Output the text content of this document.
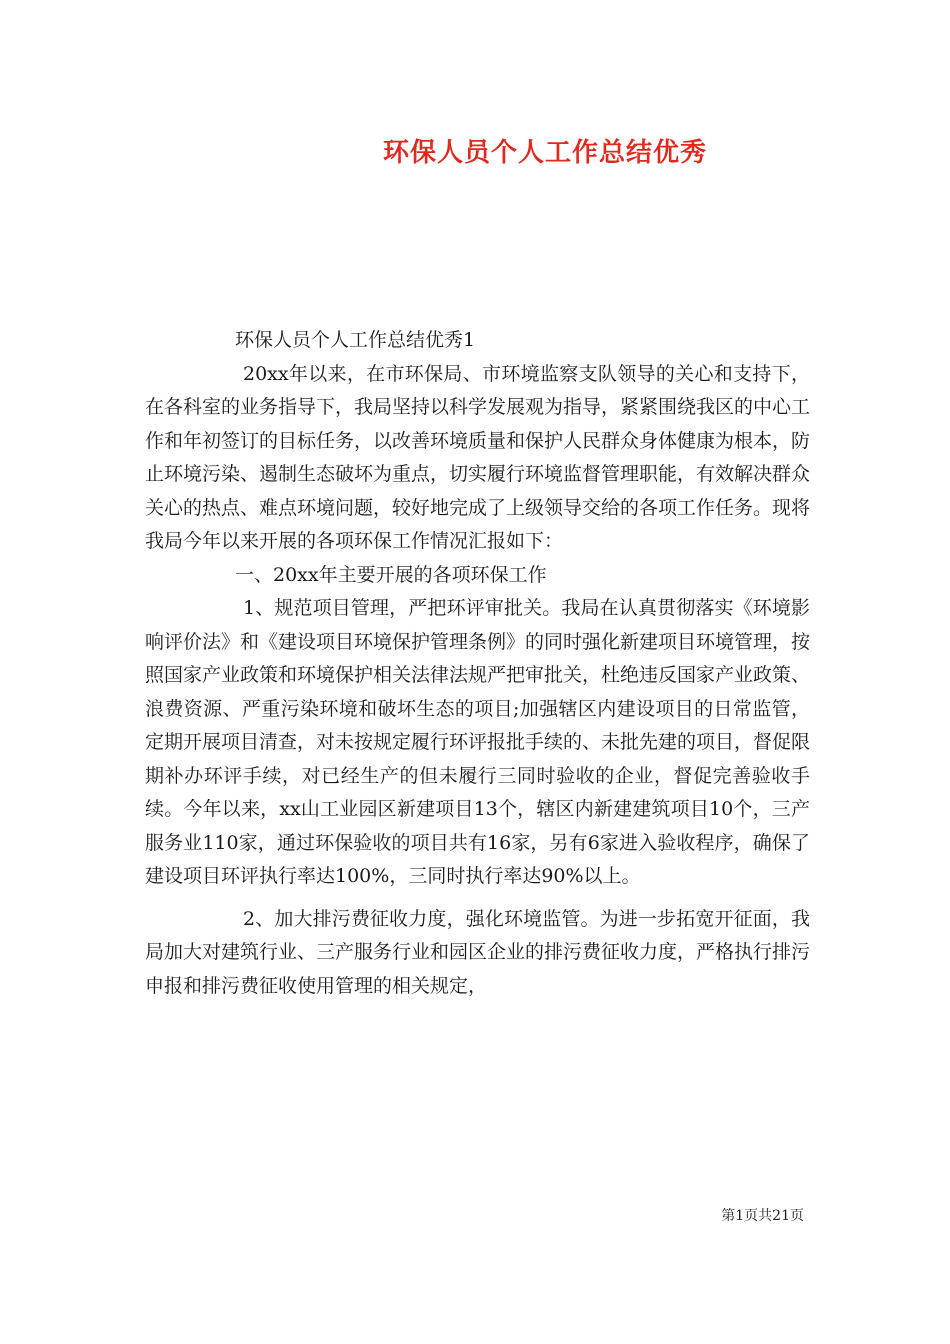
环保人员个人工作总结优秀

环保人员个人工作总结优秀1

20xx年以来，在市环保局、市环境监察支队领导的关心和支持下，在各科室的业务指导下，我局坚持以科学发展观为指导，紧紧围绕我区的中心工作和年初签订的目标任务，以改善环境质量和保护人民群众身体健康为根本，防止环境污染、遏制生态破坏为重点，切实履行环境监督管理职能，有效解决群众关心的热点、难点环境问题，较好地完成了上级领导交给的各项工作任务。现将我局今年以来开展的各项环保工作情况汇报如下：

一、20xx年主要开展的各项环保工作

1、规范项目管理，严把环评审批关。我局在认真贯彻落实《环境影响评价法》和《建设项目环境保护管理条例》的同时强化新建项目环境管理，按照国家产业政策和环境保护相关法律法规严把审批关，杜绝违反国家产业政策、浪费资源、严重污染环境和破坏生态的项目;加强辖区内建设项目的日常监管，定期开展项目清查，对未按规定履行环评报批手续的、未批先建的项目，督促限期补办环评手续，对已经生产的但未履行三同时验收的企业，督促完善验收手续。今年以来，xx山工业园区新建项目13个，辖区内新建建筑项目10个，三产服务业110家，通过环保验收的项目共有16家，另有6家进入验收程序，确保了建设项目环评执行率达100%，三同时执行率达90%以上。

2、加大排污费征收力度，强化环境监管。为进一步拓宽开征面，我局加大对建筑行业、三产服务行业和园区企业的排污费征收力度，严格执行排污申报和排污费征收使用管理的相关规定，

第1页共21页
